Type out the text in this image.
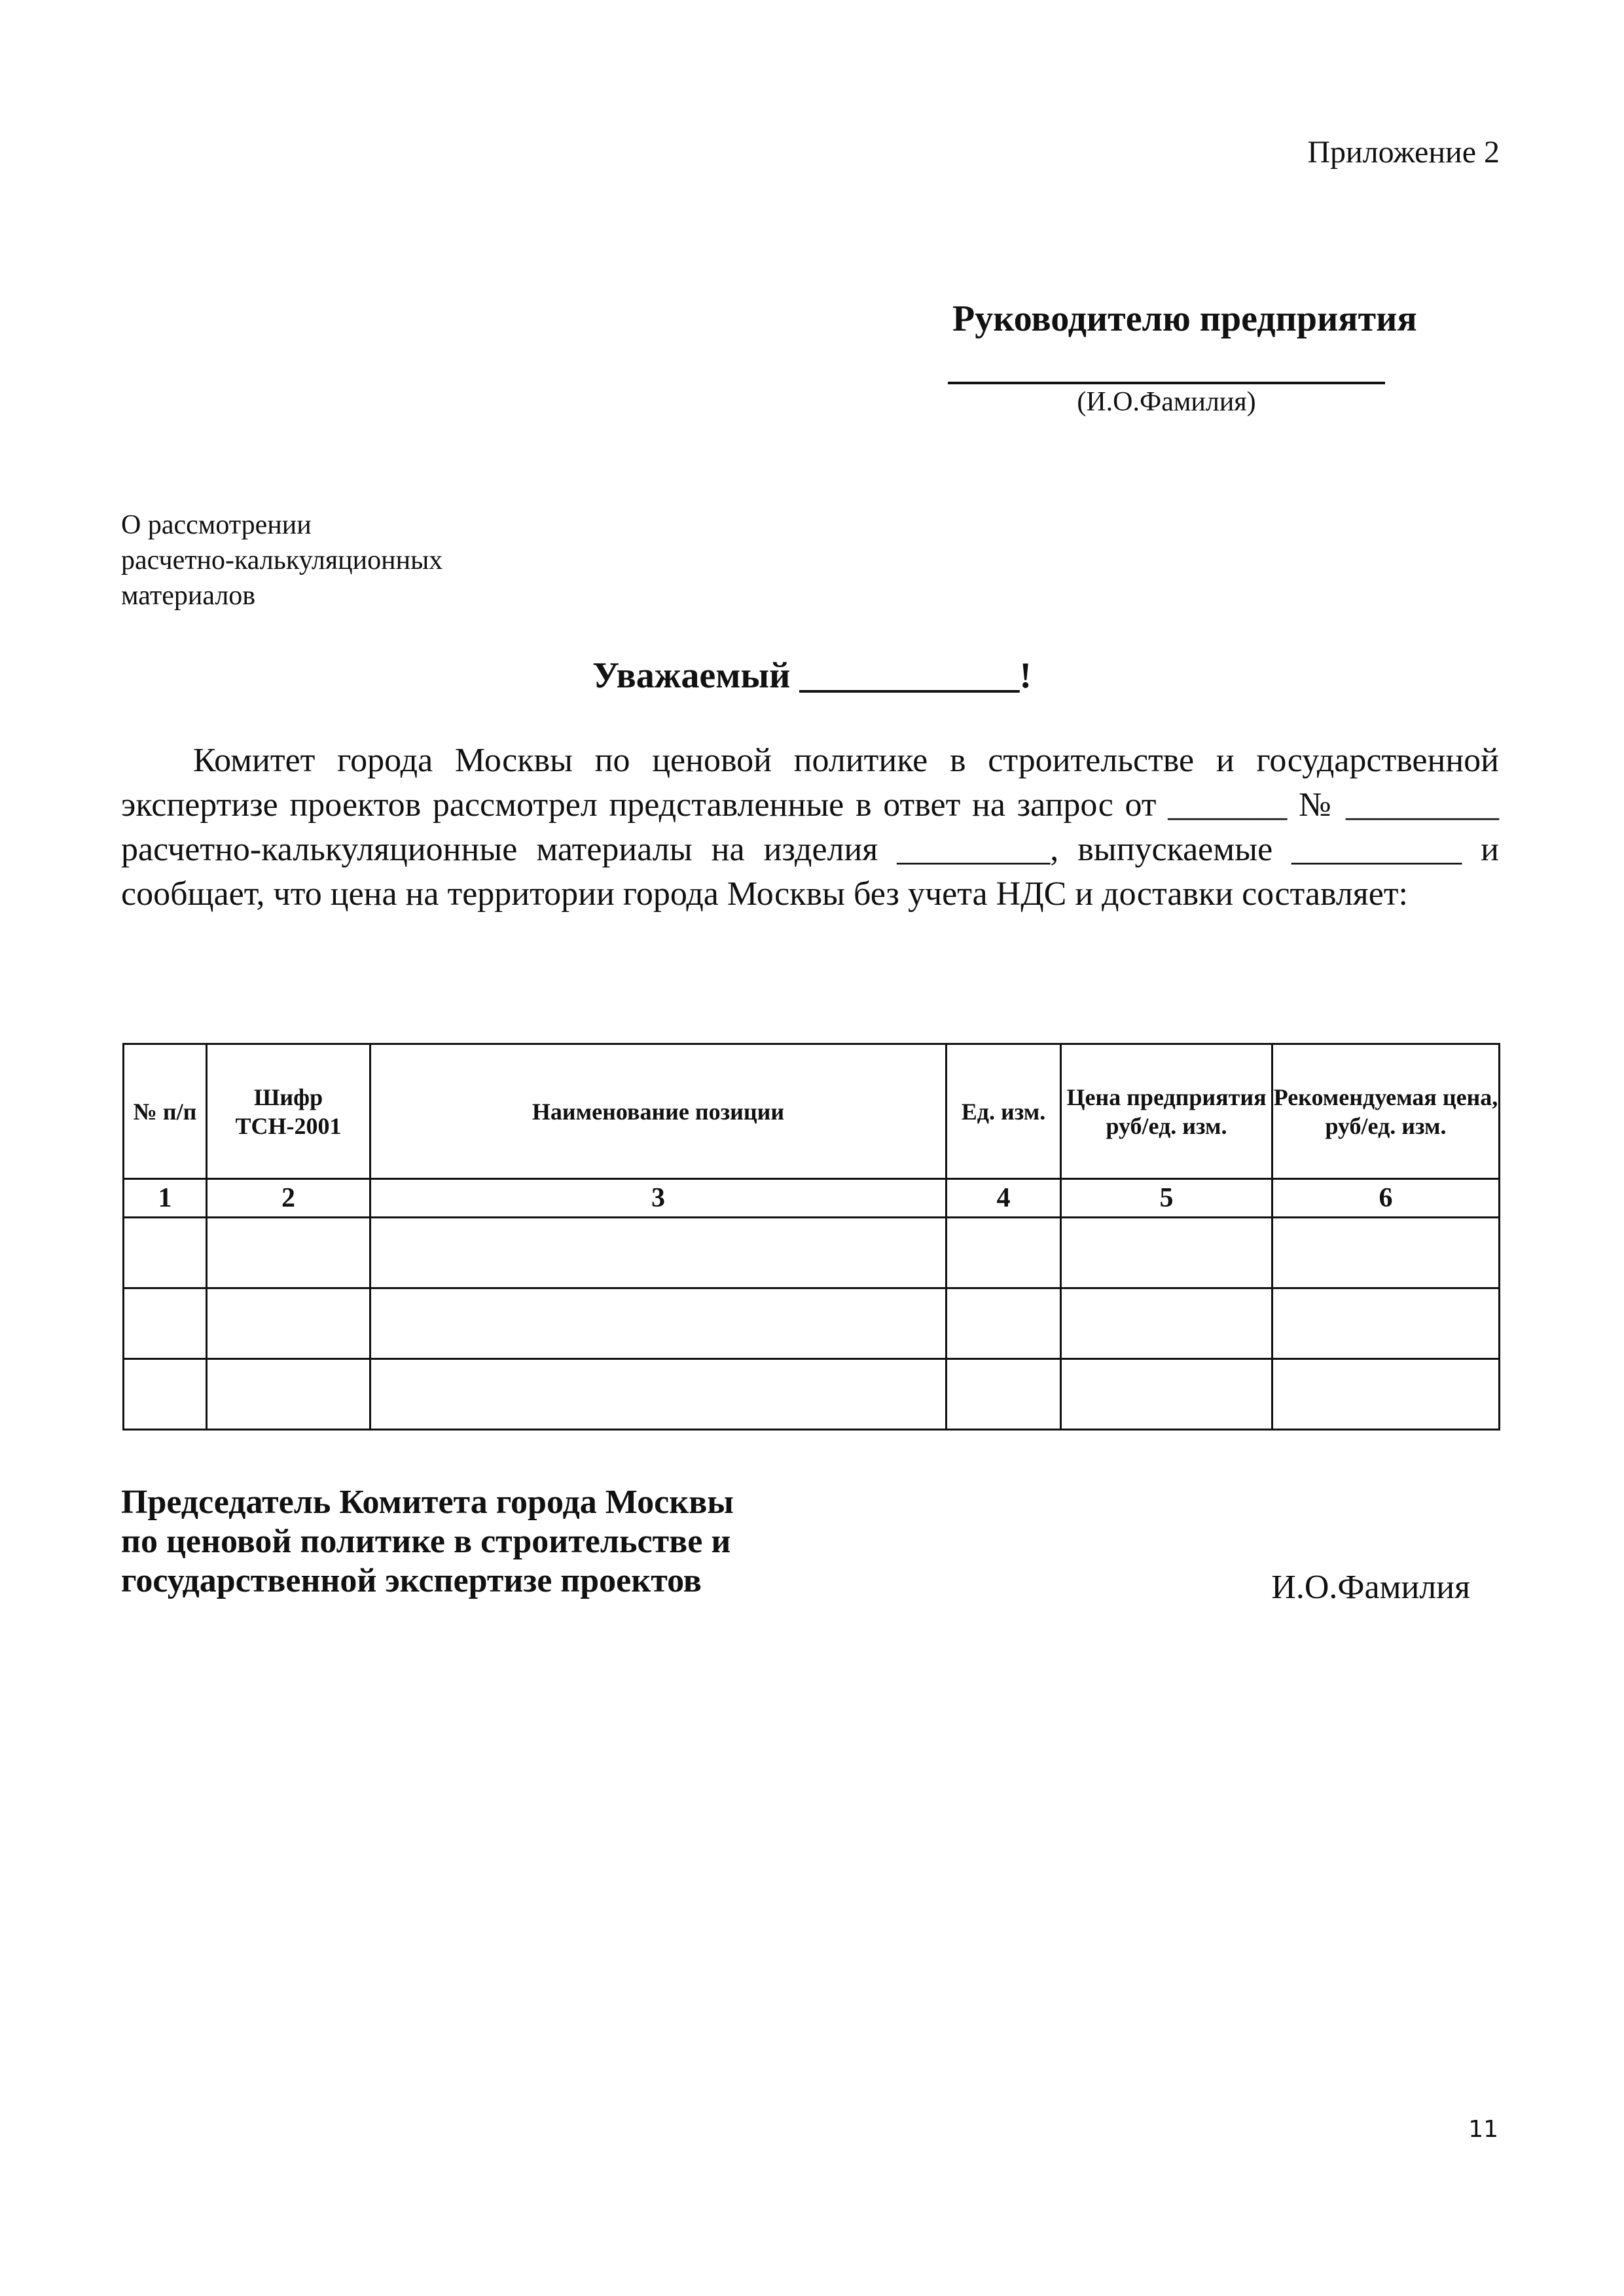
Приложение 2
Руководителю предприятия
(И.О.Фамилия)
О рассмотрении
расчетно-калькуляционных
материалов
Уважаемый ____________!

Комитет города Москвы по ценовой политике в строительстве и государственной экспертизе проектов рассмотрел представленные в ответ на запрос от _______ № _________ расчетно-калькуляционные материалы на изделия _________, выпускаемые __________ и сообщает, что цена на территории города Москвы без учета НДС и доставки составляет:

№ п/п	Шифр ТСН-2001	Наименование позиции	Ед. изм.	Цена предприятия руб/ед. изм.	Рекомендуемая цена, руб/ед. изм.
1	2	3	4	5	6

Председатель Комитета города Москвы
по ценовой политике в строительстве и
государственной экспертизе проектов	И.О.Фамилия
11
